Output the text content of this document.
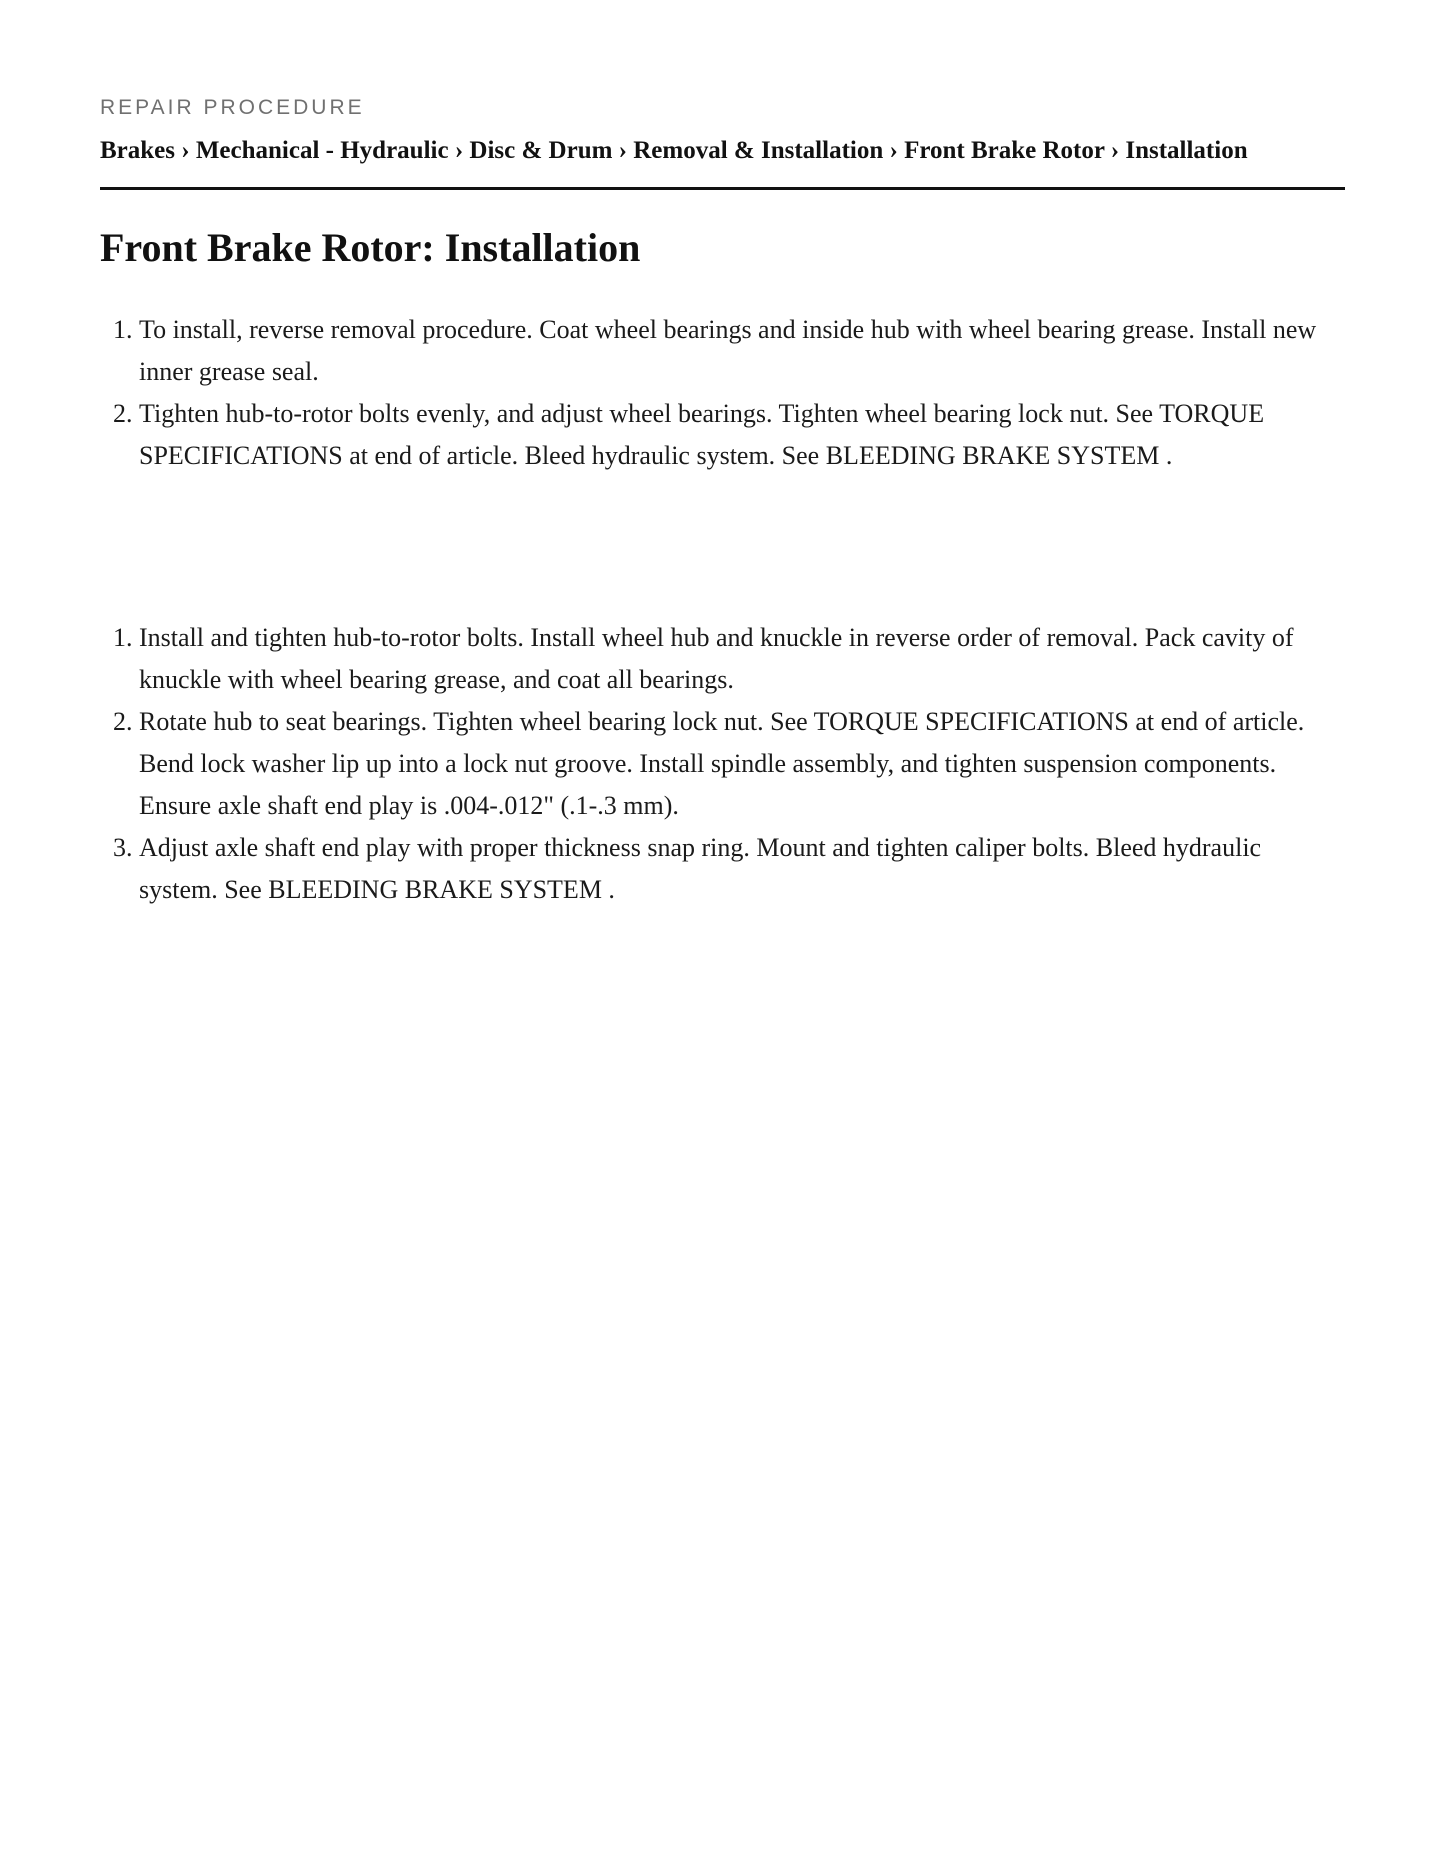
REPAIR PROCEDURE
Brakes › Mechanical - Hydraulic › Disc & Drum › Removal & Installation › Front Brake Rotor › Installation
Front Brake Rotor: Installation
1. To install, reverse removal procedure. Coat wheel bearings and inside hub with wheel bearing grease. Install new inner grease seal.
2. Tighten hub-to-rotor bolts evenly, and adjust wheel bearings. Tighten wheel bearing lock nut. See TORQUE SPECIFICATIONS at end of article. Bleed hydraulic system. See BLEEDING BRAKE SYSTEM .
1. Install and tighten hub-to-rotor bolts. Install wheel hub and knuckle in reverse order of removal. Pack cavity of knuckle with wheel bearing grease, and coat all bearings.
2. Rotate hub to seat bearings. Tighten wheel bearing lock nut. See TORQUE SPECIFICATIONS at end of article. Bend lock washer lip up into a lock nut groove. Install spindle assembly, and tighten suspension components. Ensure axle shaft end play is .004-.012" (.1-.3 mm).
3. Adjust axle shaft end play with proper thickness snap ring. Mount and tighten caliper bolts. Bleed hydraulic system. See BLEEDING BRAKE SYSTEM .
